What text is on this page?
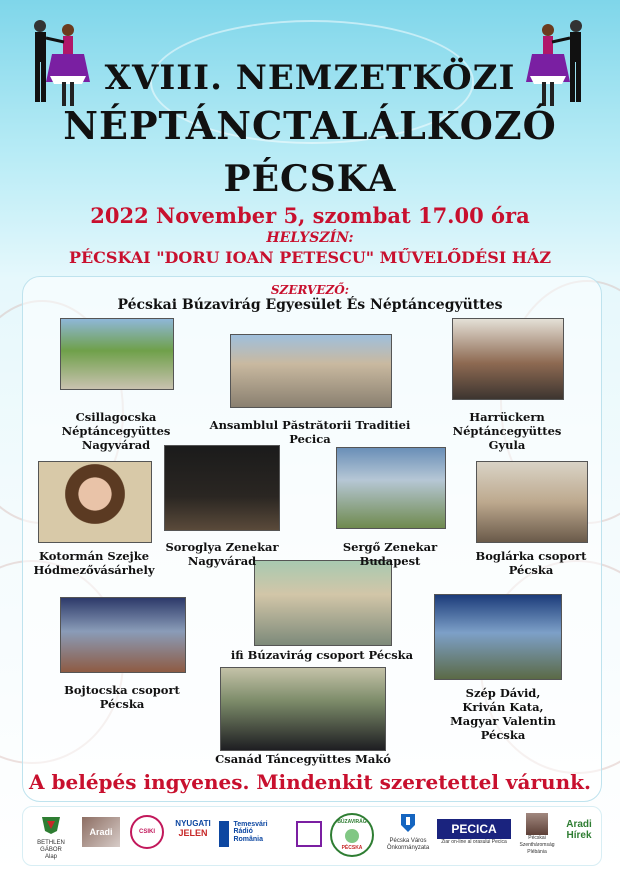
XVIII. NEMZETKÖZI
NÉPTÁNCTALÁLKOZÓ
PÉCSKA
2022 November 5, szombat 17.00 óra
HELYSZÍN:
PÉCSKAI "DORU IOAN PETESCU" MŰVELŐDÉSI HÁZ
SZERVEZŐ:
Pécskai Búzavirág Egyesület És Néptáncegyüttes
Csillagocska
Néptáncegyüttes
Nagyvárad
Ansamblul Păstrătorii Traditiei
Pecica
Harrückern
Néptáncegyüttes
Gyula
Kotormán Szejke
Hódmezővásárhely
Soroglya Zenekar
Nagyvárad
Sergő Zenekar
Budapest	Boglárka csoport
Pécska
ifi Búzavirág csoport Pécska
Bojtocska csoport
Pécska
Szép Dávid,
Kriván Kata,
Magyar Valentin
Pécska
Csanád Táncegyüttes Makó
A belépés ingyenes. Mindenkit szeretettel várunk.
BETHLEN GÁBOR
Alap
Aradi	CSIKI
NYUGATI
JELEN

Temesvári
Rádió România
BÚZAVIRÁG
PÉCSKA
Pécska Város Önkormányzata
PECICA
Ziar on-line al orasului Pecica
Pécskai Szentháromság Plébánia
Aradi
Hírek
